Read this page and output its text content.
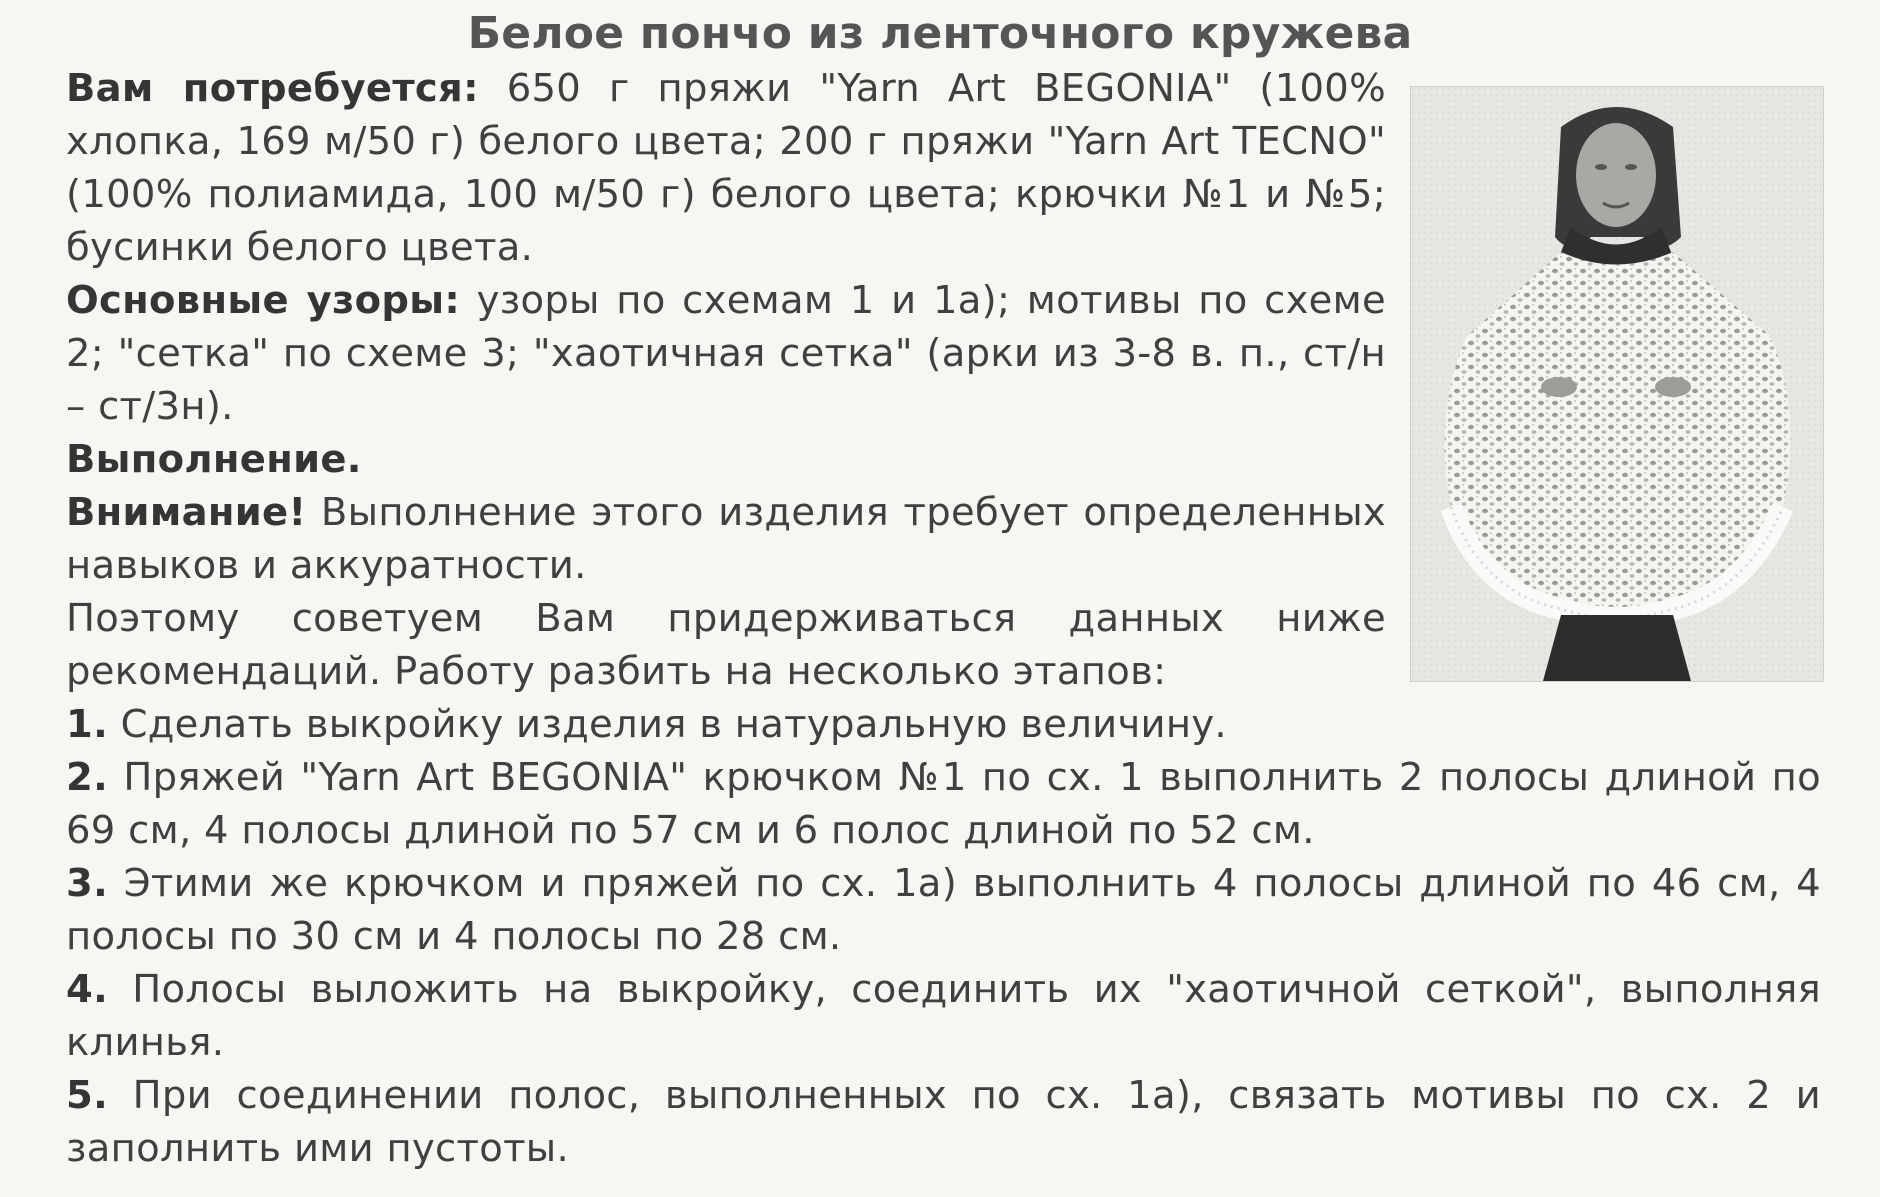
Белое пончо из ленточного кружева

Вам потребуется: 650 г пряжи "Yarn Art BEGONIA" (100% хлопка, 169 м/50 г) белого цвета; 200 г пряжи "Yarn Art TECNO" (100% полиамида, 100 м/50 г) белого цвета; крючки №1 и №5; бусинки белого цвета.

Основные узоры: узоры по схемам 1 и 1а); мотивы по схеме 2; "сетка" по схеме 3; "хаотичная сетка" (арки из 3-8 в. п., ст/н – ст/3н).

Выполнение.

Внимание! Выполнение этого изделия требует определенных навыков и аккуратности.

Поэтому советуем Вам придерживаться данных ниже рекомендаций. Работу разбить на несколько этапов:

1. Сделать выкройку изделия в натуральную величину.

2. Пряжей "Yarn Art BEGONIA" крючком №1 по сх. 1 выполнить 2 полосы длиной по 69 см, 4 полосы длиной по 57 см и 6 полос длиной по 52 см.

3. Этими же крючком и пряжей по сх. 1а) выполнить 4 полосы длиной по 46 см, 4 полосы по 30 см и 4 полосы по 28 см.

4. Полосы выложить на выкройку, соединить их "хаотичной сеткой", выполняя клинья.

5. При соединении полос, выполненных по сх. 1а), связать мотивы по сх. 2 и заполнить ими пустоты.
